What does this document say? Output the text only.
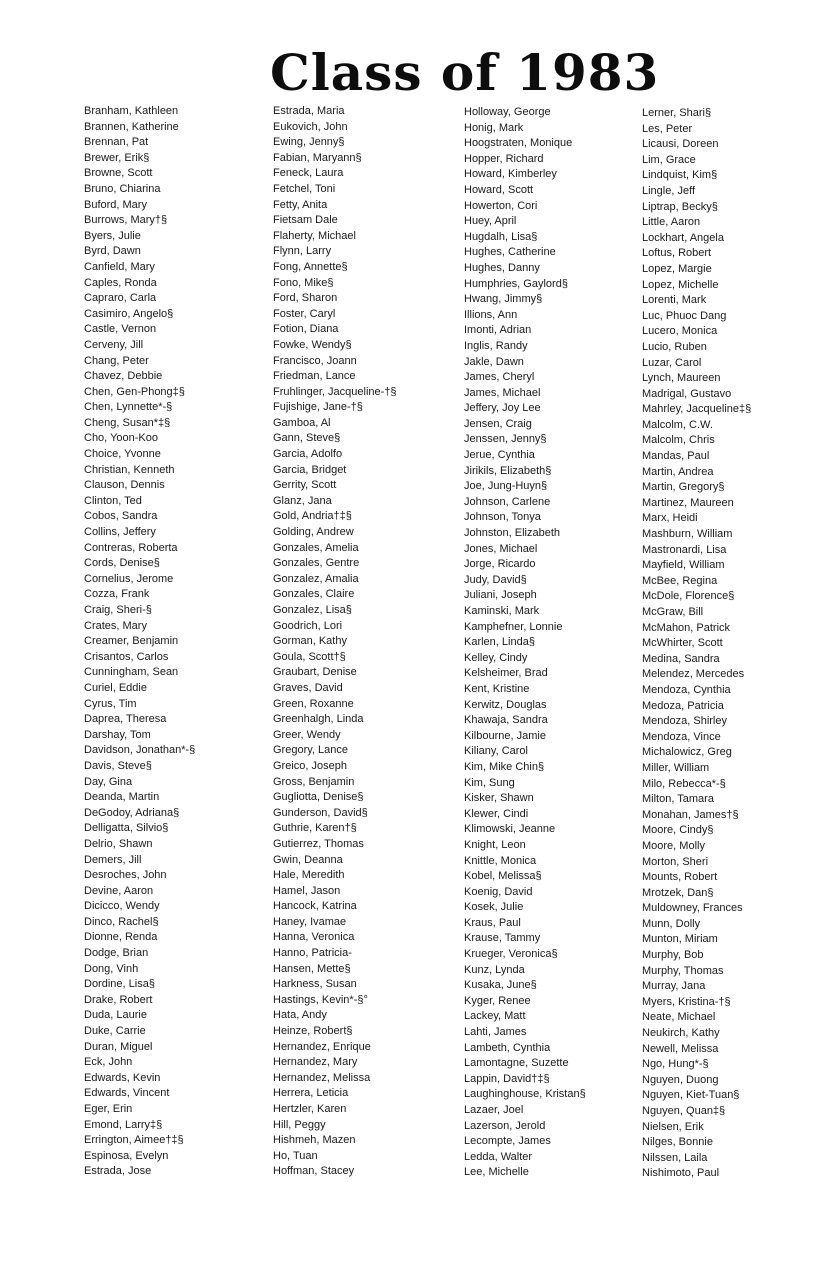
Class of 1983
Branham, Kathleen
Brannen, Katherine
Brennan, Pat
Brewer, Erik§
Browne, Scott
Bruno, Chiarina
Buford, Mary
Burrows, Mary†§
Byers, Julie
Byrd, Dawn
Canfield, Mary
Caples, Ronda
Capraro, Carla
Casimiro, Angelo§
Castle, Vernon
Cerveny, Jill
Chang, Peter
Chavez, Debbie
Chen, Gen-Phong‡§
Chen, Lynnette*-§
Cheng, Susan*‡§
Cho, Yoon-Koo
Choice, Yvonne
Christian, Kenneth
Clauson, Dennis
Clinton, Ted
Cobos, Sandra
Collins, Jeffery
Contreras, Roberta
Cords, Denise§
Cornelius, Jerome
Cozza, Frank
Craig, Sheri-§
Crates, Mary
Creamer, Benjamin
Crisantos, Carlos
Cunningham, Sean
Curiel, Eddie
Cyrus, Tim
Daprea, Theresa
Darshay, Tom
Davidson, Jonathan*-§
Davis, Steve§
Day, Gina
Deanda, Martin
DeGodoy, Adriana§
Delligatta, Silvio§
Delrio, Shawn
Demers, Jill
Desroches, John
Devine, Aaron
Dicicco, Wendy
Dinco, Rachel§
Dionne, Renda
Dodge, Brian
Dong, Vinh
Dordine, Lisa§
Drake, Robert
Duda, Laurie
Duke, Carrie
Duran, Miguel
Eck, John
Edwards, Kevin
Edwards, Vincent
Eger, Erin
Emond, Larry‡§
Errington, Aimee†‡§
Espinosa, Evelyn
Estrada, Jose
Estrada, Maria
Eukovich, John
Ewing, Jenny§
Fabian, Maryann§
Feneck, Laura
Fetchel, Toni
Fetty, Anita
Fietsam Dale
Flaherty, Michael
Flynn, Larry
Fong, Annette§
Fono, Mike§
Ford, Sharon
Foster, Caryl
Fotion, Diana
Fowke, Wendy§
Francisco, Joann
Friedman, Lance
Fruhlinger, Jacqueline-†§
Fujishige, Jane-†§
Gamboa, Al
Gann, Steve§
Garcia, Adolfo
Garcia, Bridget
Gerrity, Scott
Glanz, Jana
Gold, Andria†‡§
Golding, Andrew
Gonzales, Amelia
Gonzales, Gentre
Gonzalez, Amalia
Gonzales, Claire
Gonzalez, Lisa§
Goodrich, Lori
Gorman, Kathy
Goula, Scott†§
Graubart, Denise
Graves, David
Green, Roxanne
Greenhalgh, Linda
Greer, Wendy
Gregory, Lance
Greico, Joseph
Gross, Benjamin
Gugliotta, Denise§
Gunderson, David§
Guthrie, Karen†§
Gutierrez, Thomas
Gwin, Deanna
Hale, Meredith
Hamel, Jason
Hancock, Katrina
Haney, Ivamae
Hanna, Veronica
Hanno, Patricia-
Hansen, Mette§
Harkness, Susan
Hastings, Kevin*-§°
Hata, Andy
Heinze, Robert§
Hernandez, Enrique
Hernandez, Mary
Hernandez, Melissa
Herrera, Leticia
Hertzler, Karen
Hill, Peggy
Hishmeh, Mazen
Ho, Tuan
Hoffman, Stacey
Holloway, George
Honig, Mark
Hoogstraten, Monique
Hopper, Richard
Howard, Kimberley
Howard, Scott
Howerton, Cori
Huey, April
Hugdalh, Lisa§
Hughes, Catherine
Hughes, Danny
Humphries, Gaylord§
Hwang, Jimmy§
Illions, Ann
Imonti, Adrian
Inglis, Randy
Jakle, Dawn
James, Cheryl
James, Michael
Jeffery, Joy Lee
Jensen, Craig
Jenssen, Jenny§
Jerue, Cynthia
Jirikils, Elizabeth§
Joe, Jung-Huyn§
Johnson, Carlene
Johnson, Tonya
Johnston, Elizabeth
Jones, Michael
Jorge, Ricardo
Judy, David§
Juliani, Joseph
Kaminski, Mark
Kamphefner, Lonnie
Karlen, Linda§
Kelley, Cindy
Kelsheimer, Brad
Kent, Kristine
Kerwitz, Douglas
Khawaja, Sandra
Kilbourne, Jamie
Kiliany, Carol
Kim, Mike Chin§
Kim, Sung
Kisker, Shawn
Klewer, Cindi
Klimowski, Jeanne
Knight, Leon
Knittle, Monica
Kobel, Melissa§
Koenig, David
Kosek, Julie
Kraus, Paul
Krause, Tammy
Krueger, Veronica§
Kunz, Lynda
Kusaka, June§
Kyger, Renee
Lackey, Matt
Lahti, James
Lambeth, Cynthia
Lamontagne, Suzette
Lappin, David†‡§
Laughinghouse, Kristan§
Lazaer, Joel
Lazerson, Jerold
Lecompte, James
Ledda, Walter
Lee, Michelle
Lerner, Shari§
Les, Peter
Licausi, Doreen
Lim, Grace
Lindquist, Kim§
Lingle, Jeff
Liptrap, Becky§
Little, Aaron
Lockhart, Angela
Loftus, Robert
Lopez, Margie
Lopez, Michelle
Lorenti, Mark
Luc, Phuoc Dang
Lucero, Monica
Lucio, Ruben
Luzar, Carol
Lynch, Maureen
Madrigal, Gustavo
Mahrley, Jacqueline‡§
Malcolm, C.W.
Malcolm, Chris
Mandas, Paul
Martin, Andrea
Martin, Gregory§
Martinez, Maureen
Marx, Heidi
Mashburn, William
Mastronardi, Lisa
Mayfield, William
McBee, Regina
McDole, Florence§
McGraw, Bill
McMahon, Patrick
McWhirter, Scott
Medina, Sandra
Melendez, Mercedes
Mendoza, Cynthia
Medoza, Patricia
Mendoza, Shirley
Mendoza, Vince
Michalowicz, Greg
Miller, William
Milo, Rebecca*-§
Milton, Tamara
Monahan, James†§
Moore, Cindy§
Moore, Molly
Morton, Sheri
Mounts, Robert
Mrotzek, Dan§
Muldowney, Frances
Munn, Dolly
Munton, Miriam
Murphy, Bob
Murphy, Thomas
Murray, Jana
Myers, Kristina-†§
Neate, Michael
Neukirch, Kathy
Newell, Melissa
Ngo, Hung*-§
Nguyen, Duong
Nguyen, Kiet-Tuan§
Nguyen, Quan‡§
Nielsen, Erik
Nilges, Bonnie
Nilssen, Laila
Nishimoto, Paul
